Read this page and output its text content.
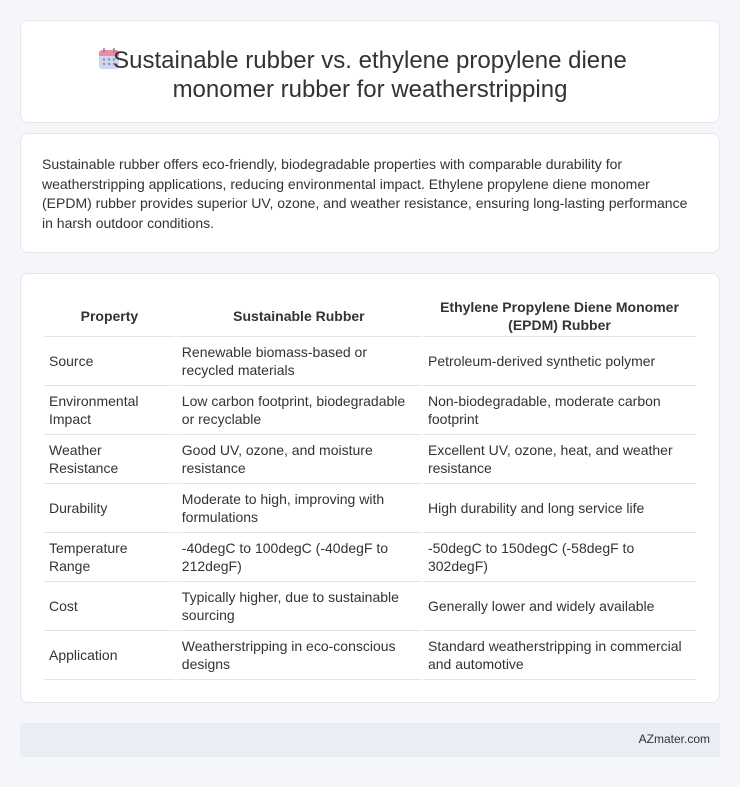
Sustainable rubber vs. ethylene propylene diene monomer rubber for weatherstripping

Sustainable rubber offers eco-friendly, biodegradable properties with comparable durability for weatherstripping applications, reducing environmental impact. Ethylene propylene diene monomer (EPDM) rubber provides superior UV, ozone, and weather resistance, ensuring long-lasting performance in harsh outdoor conditions.

Property	Sustainable Rubber	Ethylene Propylene Diene Monomer (EPDM) Rubber
Source	Renewable biomass-based or recycled materials	Petroleum-derived synthetic polymer
Environmental Impact	Low carbon footprint, biodegradable or recyclable	Non-biodegradable, moderate carbon footprint
Weather Resistance	Good UV, ozone, and moisture resistance	Excellent UV, ozone, heat, and weather resistance
Durability	Moderate to high, improving with formulations	High durability and long service life
Temperature Range	-40degC to 100degC (-40degF to 212degF)	-50degC to 150degC (-58degF to 302degF)
Cost	Typically higher, due to sustainable sourcing	Generally lower and widely available
Application	Weatherstripping in eco-conscious designs	Standard weatherstripping in commercial and automotive
AZmater.com
